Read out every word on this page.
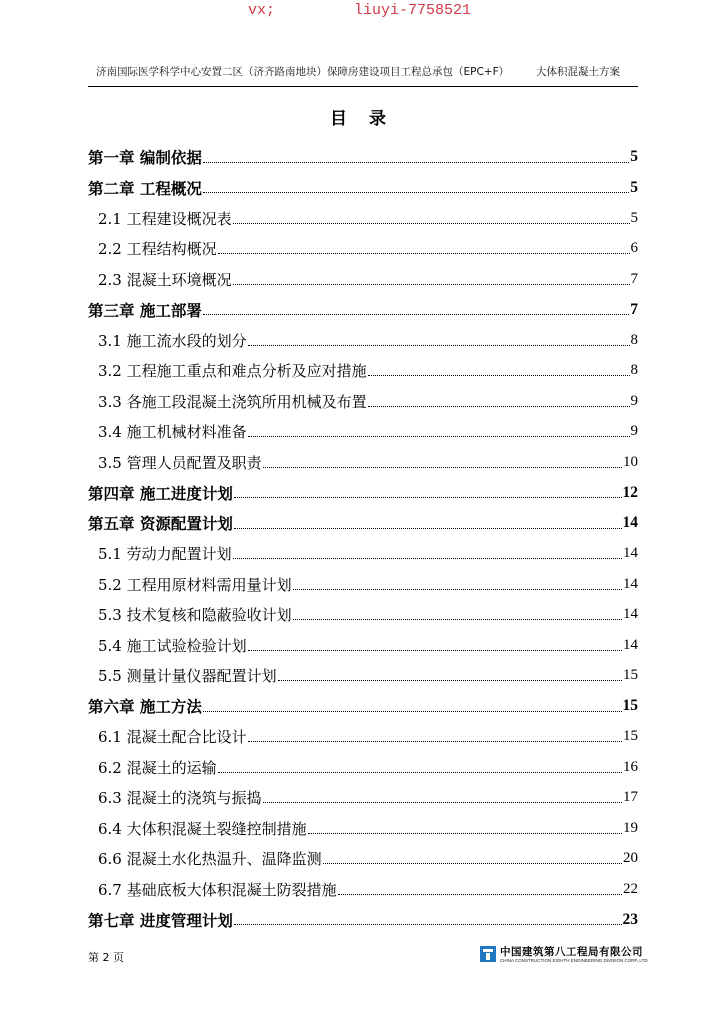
vx;	liuyi-7758521
济南国际医学科学中心安置二区（济齐路南地块）保障房建设项目工程总承包（EPC+F）	大体积混凝土方案
目 录
第一章 编制依据	5
第二章 工程概况	5
2.1 工程建设概况表	5
2.2 工程结构概况	6
2.3 混凝土环境概况	7
第三章 施工部署	7
3.1 施工流水段的划分	8
3.2 工程施工重点和难点分析及应对措施	8
3.3 各施工段混凝土浇筑所用机械及布置	9
3.4 施工机械材料准备	9
3.5 管理人员配置及职责	10
第四章 施工进度计划	12
第五章 资源配置计划	14
5.1 劳动力配置计划	14
5.2 工程用原材料需用量计划	14
5.3 技术复核和隐蔽验收计划	14
5.4 施工试验检验计划	14
5.5 测量计量仪器配置计划	15
第六章 施工方法	15
6.1 混凝土配合比设计	15
6.2 混凝土的运输	16
6.3 混凝土的浇筑与振捣	17
6.4 大体积混凝土裂缝控制措施	19
6.6 混凝土水化热温升、温降监测	20
6.7 基础底板大体积混凝土防裂措施	22
第七章 进度管理计划	23
第 2 页	中国建筑第八工程局有限公司
CHINA CONSTRUCTION EIGHTH ENGINEERING DIVISION CORP.,LTD
